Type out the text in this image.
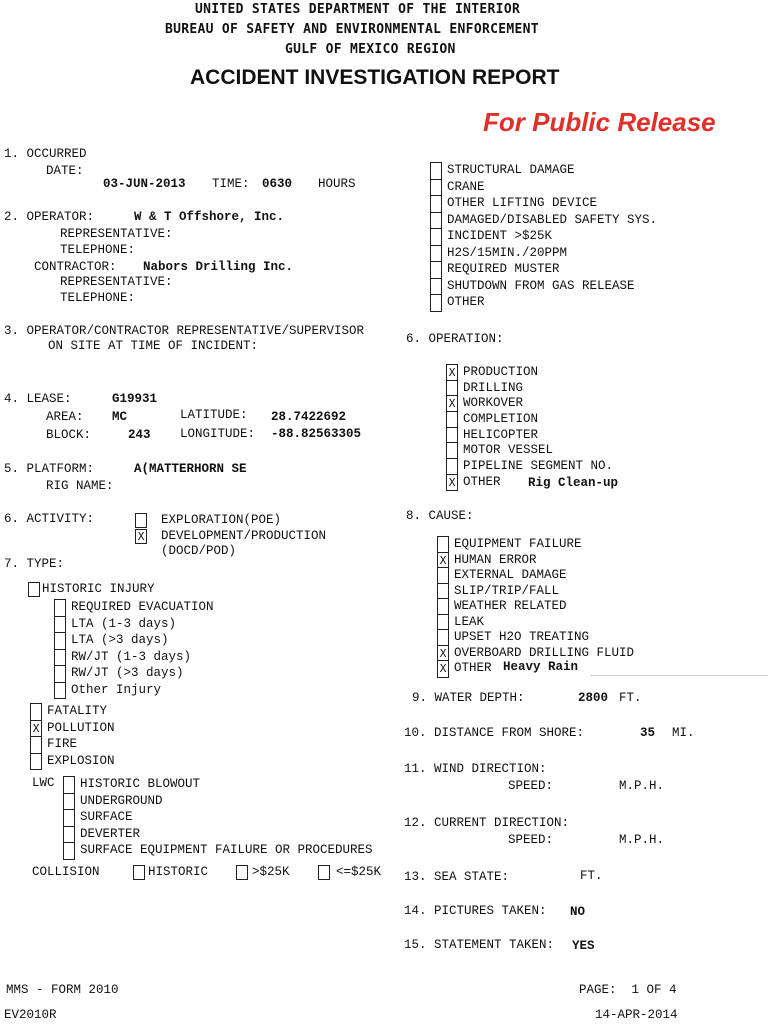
UNITED STATES DEPARTMENT OF THE INTERIOR
BUREAU OF SAFETY AND ENVIRONMENTAL ENFORCEMENT
GULF OF MEXICO REGION
ACCIDENT INVESTIGATION REPORT
For Public Release
1. OCCURRED
DATE:
03-JUN-2013 TIME: 0630 HOURS
2. OPERATOR:	W & T Offshore, Inc.
REPRESENTATIVE:
TELEPHONE:
CONTRACTOR: Nabors Drilling Inc.
REPRESENTATIVE:
TELEPHONE:
3. OPERATOR/CONTRACTOR REPRESENTATIVE/SUPERVISOR
ON SITE AT TIME OF INCIDENT:
4. LEASE:	G19931
AREA: MC	LATITUDE: 28.7422692
BLOCK:	243 LONGITUDE: -88.82563305
5. PLATFORM:	A(MATTERHORN SE
RIG NAME:
6. ACTIVITY:	EXPLORATION(POE)
X DEVELOPMENT/PRODUCTION
(DOCD/POD)
7. TYPE:
HISTORIC INJURY
REQUIRED EVACUATION
LTA (1-3 days)
LTA (>3 days)
RW/JT (1-3 days)
RW/JT (>3 days)
Other Injury
FATALITY
X POLLUTION
FIRE
EXPLOSION
LWC HISTORIC BLOWOUT
UNDERGROUND
SURFACE
DEVERTER
SURFACE EQUIPMENT FAILURE OR PROCEDURES
COLLISION	HISTORIC	>$25K	<=$25K
STRUCTURAL DAMAGE
CRANE
OTHER LIFTING DEVICE
DAMAGED/DISABLED SAFETY SYS.
INCIDENT >$25K
H2S/15MIN./20PPM
REQUIRED MUSTER
SHUTDOWN FROM GAS RELEASE
OTHER
6. OPERATION:
X PRODUCTION
DRILLING
X WORKOVER
COMPLETION
HELICOPTER
MOTOR VESSEL
PIPELINE SEGMENT NO.
X OTHER Rig Clean-up
8. CAUSE:
EQUIPMENT FAILURE
X HUMAN ERROR
EXTERNAL DAMAGE
SLIP/TRIP/FALL
WEATHER RELATED
LEAK
UPSET H2O TREATING
X OVERBOARD DRILLING FLUID
X OTHER Heavy Rain
9. WATER DEPTH:	2800 FT.
10. DISTANCE FROM SHORE:	35 MI.
11. WIND DIRECTION:
SPEED:	M.P.H.
12. CURRENT DIRECTION:
SPEED:	M.P.H.
13. SEA STATE:	FT.
14. PICTURES TAKEN: NO
15. STATEMENT TAKEN: YES
MMS - FORM 2010	PAGE:  1 OF 4
EV2010R	14-APR-2014
